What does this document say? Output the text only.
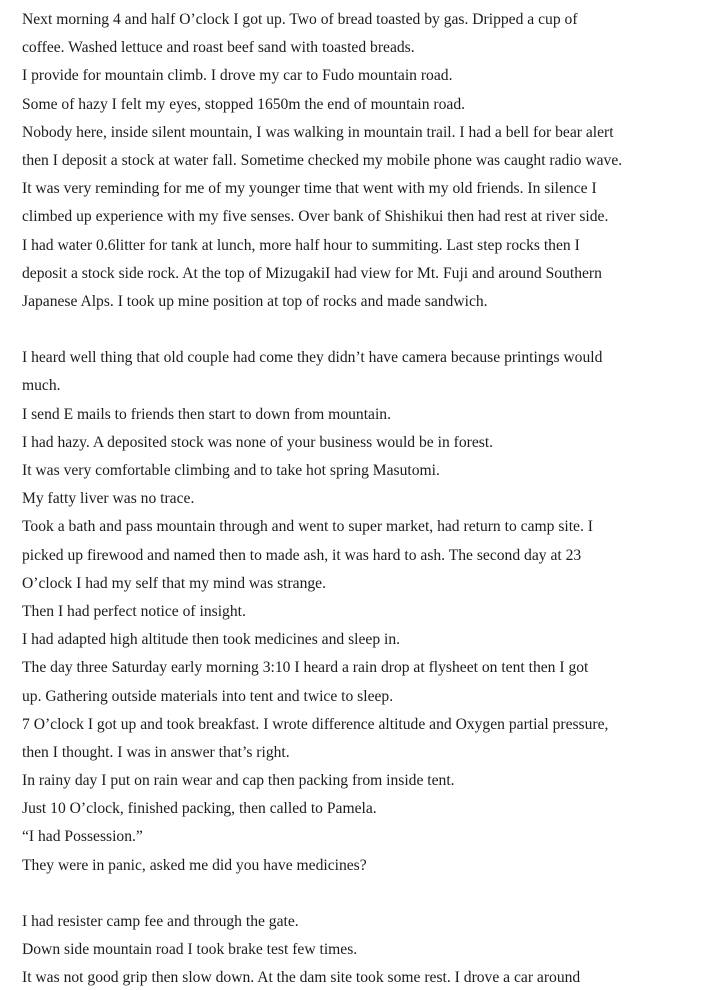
Next morning 4 and half O’clock I got up. Two of bread toasted by gas. Dripped a cup of
coffee. Washed lettuce and roast beef sand with toasted breads.
I provide for mountain climb. I drove my car to Fudo mountain road.
Some of hazy I felt my eyes, stopped 1650m the end of mountain road.
Nobody here, inside silent mountain, I was walking in mountain trail. I had a bell for bear alert
then I deposit a stock at water fall. Sometime checked my mobile phone was caught radio wave.
It was very reminding for me of my younger time that went with my old friends. In silence I
climbed up experience with my five senses. Over bank of Shishikui then had rest at river side.
I had water 0.6litter for tank at lunch, more half hour to summiting. Last step rocks then I
deposit a stock side rock. At the top of MizugakiI had view for Mt. Fuji and around Southern
Japanese Alps. I took up mine position at top of rocks and made sandwich.
I heard well thing that old couple had come they didn’t have camera because printings would
much.
I send E mails to friends then start to down from mountain.
I had hazy. A deposited stock was none of your business would be in forest.
It was very comfortable climbing and to take hot spring Masutomi.
My fatty liver was no trace.
Took a bath and pass mountain through and went to super market, had return to camp site. I
picked up firewood and named then to made ash, it was hard to ash. The second day at 23
O’clock I had my self that my mind was strange.
Then I had perfect notice of insight.
I had adapted high altitude then took medicines and sleep in.
The day three Saturday early morning 3:10 I heard a rain drop at flysheet on tent then I got
up. Gathering outside materials into tent and twice to sleep.
7 O’clock I got up and took breakfast. I wrote difference altitude and Oxygen partial pressure,
then I thought. I was in answer that’s right.
In rainy day I put on rain wear and cap then packing from inside tent.
Just 10 O’clock, finished packing, then called to Pamela.
“I had Possession.”
They were in panic, asked me did you have medicines?
I had resister camp fee and through the gate.
Down side mountain road I took brake test few times.
It was not good grip then slow down. At the dam site took some rest. I drove a car around
